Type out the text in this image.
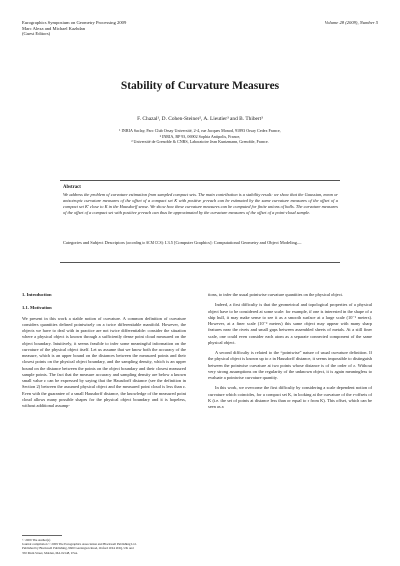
Eurographics Symposium on Geometry Processing 2009
Marc Alexa and Michael Kazhdan
(Guest Editors)
Volume 28 (2009), Number 5
Stability of Curvature Measures
F. Chazal¹, D. Cohen-Steiner², A. Lieutier³ and B. Thibert³
¹ INRIA Saclay, Parc Club Orsay Université, 2-4, rue Jacques Monod, 91893 Orsay Cedex France,
² INRIA, BP 93, 06902 Sophia Antipolis, France,
³ Université de Grenoble & CNRS, Laboratoire Jean Kuntzmann, Grenoble, France.
Abstract
We address the problem of curvature estimation from sampled compact sets. The main contribution is a stability result: we show that the Gaussian, mean or anisotropic curvature measures of the offset of a compact set K with positive μ-reach can be estimated by the same curvature measures of the offset of a compact set K′ close to K in the Hausdorff sense. We show how these curvature measures can be computed for finite unions of balls. The curvature measures of the offset of a compact set with positive μ-reach can thus be approximated by the curvature measures of the offset of a point-cloud sample.
Categories and Subject Descriptors (according to ACM CCS): I.3.5 [Computer Graphics]: Computational Geometry and Object Modeling—
1. Introduction
1.1. Motivation

We present in this work a stable notion of curvature. A common definition of curvature considers quantities defined pointwisely on a twice differentiable manifold. However, the objects we have to deal with in practice are not twice differentiable: consider the situation where a physical object is known through a sufficiently dense point cloud measured on the object boundary. Intuitively, it seems feasible to infer some meaningful information on the curvature of the physical object itself. Let us assume that we know both the accuracy of the measure, which is an upper bound on the distances between the measured points and their closest points on the physical object boundary, and the sampling density, which is an upper bound on the distance between the points on the object boundary and their closest measured sample points. The fact that the measure accuracy and sampling density are below a known small value ε can be expressed by saying that the Hausdorff distance (see the definition in Section 2) between the assumed physical object and the measured point cloud is less than ε. Even with the guarantee of a small Hausdorff distance, the knowledge of the measured point cloud allows many possible shapes for the physical object boundary and it is hopeless, without additional assump-

tions, to infer the usual pointwise curvature quantities on the physical object.

Indeed, a first difficulty is that the geometrical and topological properties of a physical object have to be considered at some scale: for example, if one is interested in the shape of a ship hull, it may make sense to see it as a smooth surface at a large scale (10⁻¹ meters). However, at a finer scale (10⁻³ meters) this same object may appear with many sharp features near the rivets and small gaps between assembled sheets of metals. At a still finer scale, one could even consider each atom as a separate connected component of the same physical object.

A second difficulty is related to the “pointwise” nature of usual curvature definition. If the physical object is known up to ε in Hausdorff distance, it seems impossible to distinguish between the pointwise curvature at two points whose distance is of the order of ε. Without very strong assumptions on the regularity of the unknown object, it is again meaningless to evaluate a pointwise curvature quantity.

In this work, we overcome the first difficulty by considering a scale dependent notion of curvature which coincides, for a compact set K, in looking at the curvature of the r-offsets of K (i.e. the set of points at distance less than or equal to r from K). This offset, which can be seen as a

© 2009 The Author(s)
Journal compilation © 2009 The Eurographics Association and Blackwell Publishing Ltd.
Published by Blackwell Publishing, 9600 Garsington Road, Oxford OX4 2DQ, UK and
350 Main Street, Malden, MA 02148, USA.
